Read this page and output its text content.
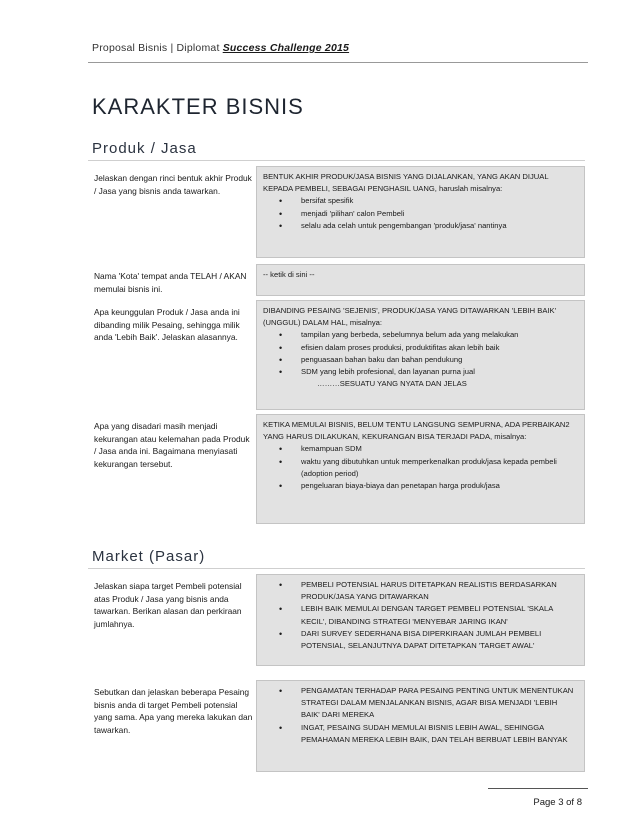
Proposal Bisnis | Diplomat Success Challenge 2015
KARAKTER BISNIS
Produk / Jasa
Jelaskan dengan rinci bentuk akhir Produk / Jasa yang bisnis anda tawarkan.
BENTUK AKHIR PRODUK/JASA BISNIS YANG DIJALANKAN, YANG AKAN DIJUAL KEPADA PEMBELI, SEBAGAI PENGHASIL UANG, haruslah misalnya:
• bersifat spesifik
• menjadi 'pilihan' calon Pembeli
• selalu ada celah untuk pengembangan 'produk/jasa' nantinya
Nama 'Kota' tempat anda TELAH / AKAN memulai bisnis ini.
-- ketik di sini --
Apa keunggulan Produk / Jasa anda ini dibanding milik Pesaing, sehingga milik anda 'Lebih Baik'. Jelaskan alasannya.
DIBANDING PESAING 'SEJENIS', PRODUK/JASA YANG DITAWARKAN 'LEBIH BAIK' (UNGGUL) DALAM HAL, misalnya:
• tampilan yang berbeda, sebelumnya belum ada yang melakukan
• efisien dalam proses produksi, produktifitas akan lebih baik
• penguasaan bahan baku dan bahan pendukung
• SDM yang lebih profesional, dan layanan purna jual
………SESUATU YANG NYATA DAN JELAS
Apa yang disadari masih menjadi kekurangan atau kelemahan pada Produk / Jasa anda ini. Bagaimana menyiasati kekurangan tersebut.
KETIKA MEMULAI BISNIS, BELUM TENTU LANGSUNG SEMPURNA, ADA PERBAIKAN2 YANG HARUS DILAKUKAN, KEKURANGAN BISA TERJADI PADA, misalnya:
• kemampuan SDM
• waktu yang dibutuhkan untuk memperkenalkan produk/jasa kepada pembeli (adoption period)
• pengeluaran biaya-biaya dan penetapan harga produk/jasa
Market (Pasar)
Jelaskan siapa target Pembeli potensial atas Produk / Jasa yang bisnis anda tawarkan. Berikan alasan dan perkiraan jumlahnya.
• PEMBELI POTENSIAL HARUS DITETAPKAN REALISTIS BERDASARKAN PRODUK/JASA YANG DITAWARKAN
• LEBIH BAIK MEMULAI DENGAN TARGET PEMBELI POTENSIAL 'SKALA KECIL', DIBANDING STRATEGI 'MENYEBAR JARING IKAN'
• DARI SURVEY SEDERHANA BISA DIPERKIRAAN JUMLAH PEMBELI POTENSIAL, SELANJUTNYA DAPAT DITETAPKAN 'TARGET AWAL'
Sebutkan dan jelaskan beberapa Pesaing bisnis anda di target Pembeli potensial yang sama. Apa yang mereka lakukan dan tawarkan.
• PENGAMATAN TERHADAP PARA PESAING PENTING UNTUK MENENTUKAN STRATEGI DALAM MENJALANKAN BISNIS, AGAR BISA MENJADI 'LEBIH BAIK' DARI MEREKA
• INGAT, PESAING SUDAH MEMULAI BISNIS LEBIH AWAL, SEHINGGA PEMAHAMAN MEREKA LEBIH BAIK, DAN TELAH BERBUAT LEBIH BANYAK
Page 3 of 8
